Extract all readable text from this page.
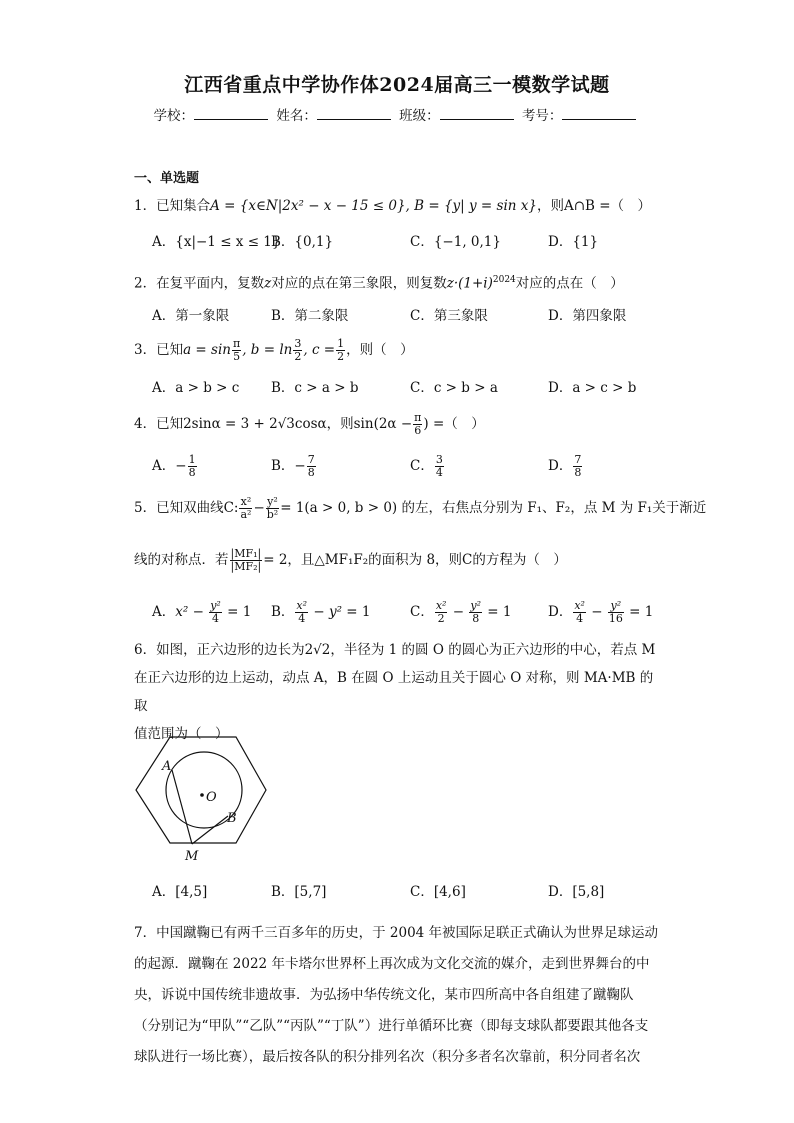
江西省重点中学协作体2024届高三一模数学试题
学校：	姓名：	班级：	考号：
一、单选题
1．已知集合A = {x∈N|2x² − x − 15 ≤ 0}, B = {y| y = sin x}，则A∩B =（　）
A．{x|−1 ≤ x ≤ 1}
B．{0,1}	C．{−1, 0,1}	D．{1}
2．在复平面内，复数z对应的点在第三象限，则复数$z\cdot(1+i)^{2024}$对应的点在（　）
A．第一象限	B．第二象限	C．第三象限	D．第四象限
3．已知$a = \sin \frac{\pi}{5}$ , $b = \ln \frac{3}{2}$ , $c = \frac{1}{2}$ ，则（　）
A．a > b > c B．c > a > b	C．c > b > a	D．a > c > b
4．已知2sinα = 3 + 2√3cosα，则$\sin(2\alpha - \frac{\pi}{6}$ ) =（　）
A．− $\frac{1}{8}$	B．− $\frac{7}{8}$	C． $\frac{3}{4}$	D． $\frac{7}{8}$
5．已知双曲线C: $\frac{\text{x²}}{\text{a²}} - \frac{\text{y²}}{\text{b²}} = 1(a > 0$, b > 0) 的左，右焦点分别为 F₁、F₂，点 M 为 F₁关于渐近
线的对称点．若 $\frac{\text{|MF₁|}}{\text{|MF₂|}} = 2$，且△MF₁F₂的面积为 8，则C的方程为（　）
A．$x^2 - \frac{\text{y²}}{4} = 1$ B． $\frac{\text{x²}}{4} - y^2 = 1$	C． $\frac{\text{x²}}{2} - \frac{\text{y²}}{8} = 1$	D． $\frac{\text{x²}}{4} - \frac{\text{y²}}{16} = 1$
6．如图，正六边形的边长为2√2，半径为 1 的圆 O 的圆心为正六边形的中心，若点 M
在正六边形的边上运动，动点 A，B 在圆 O 上运动且关于圆心 O 对称，则 MA·MB 的取
值范围为（　）
A
O
B
M
A．[4,5]	B．[5,7]	C．[4,6]	D．[5,8]
7．中国蹴鞠已有两千三百多年的历史，于 2004 年被国际足联正式确认为世界足球运动
的起源．蹴鞠在 2022 年卡塔尔世界杯上再次成为文化交流的媒介，走到世界舞台的中
央，诉说中国传统非遗故事．为弘扬中华传统文化，某市四所高中各自组建了蹴鞠队
（分别记为“甲队”“乙队”“丙队”“丁队”）进行单循环比赛（即每支球队都要跟其他各支
球队进行一场比赛），最后按各队的积分排列名次（积分多者名次靠前，积分同者名次
